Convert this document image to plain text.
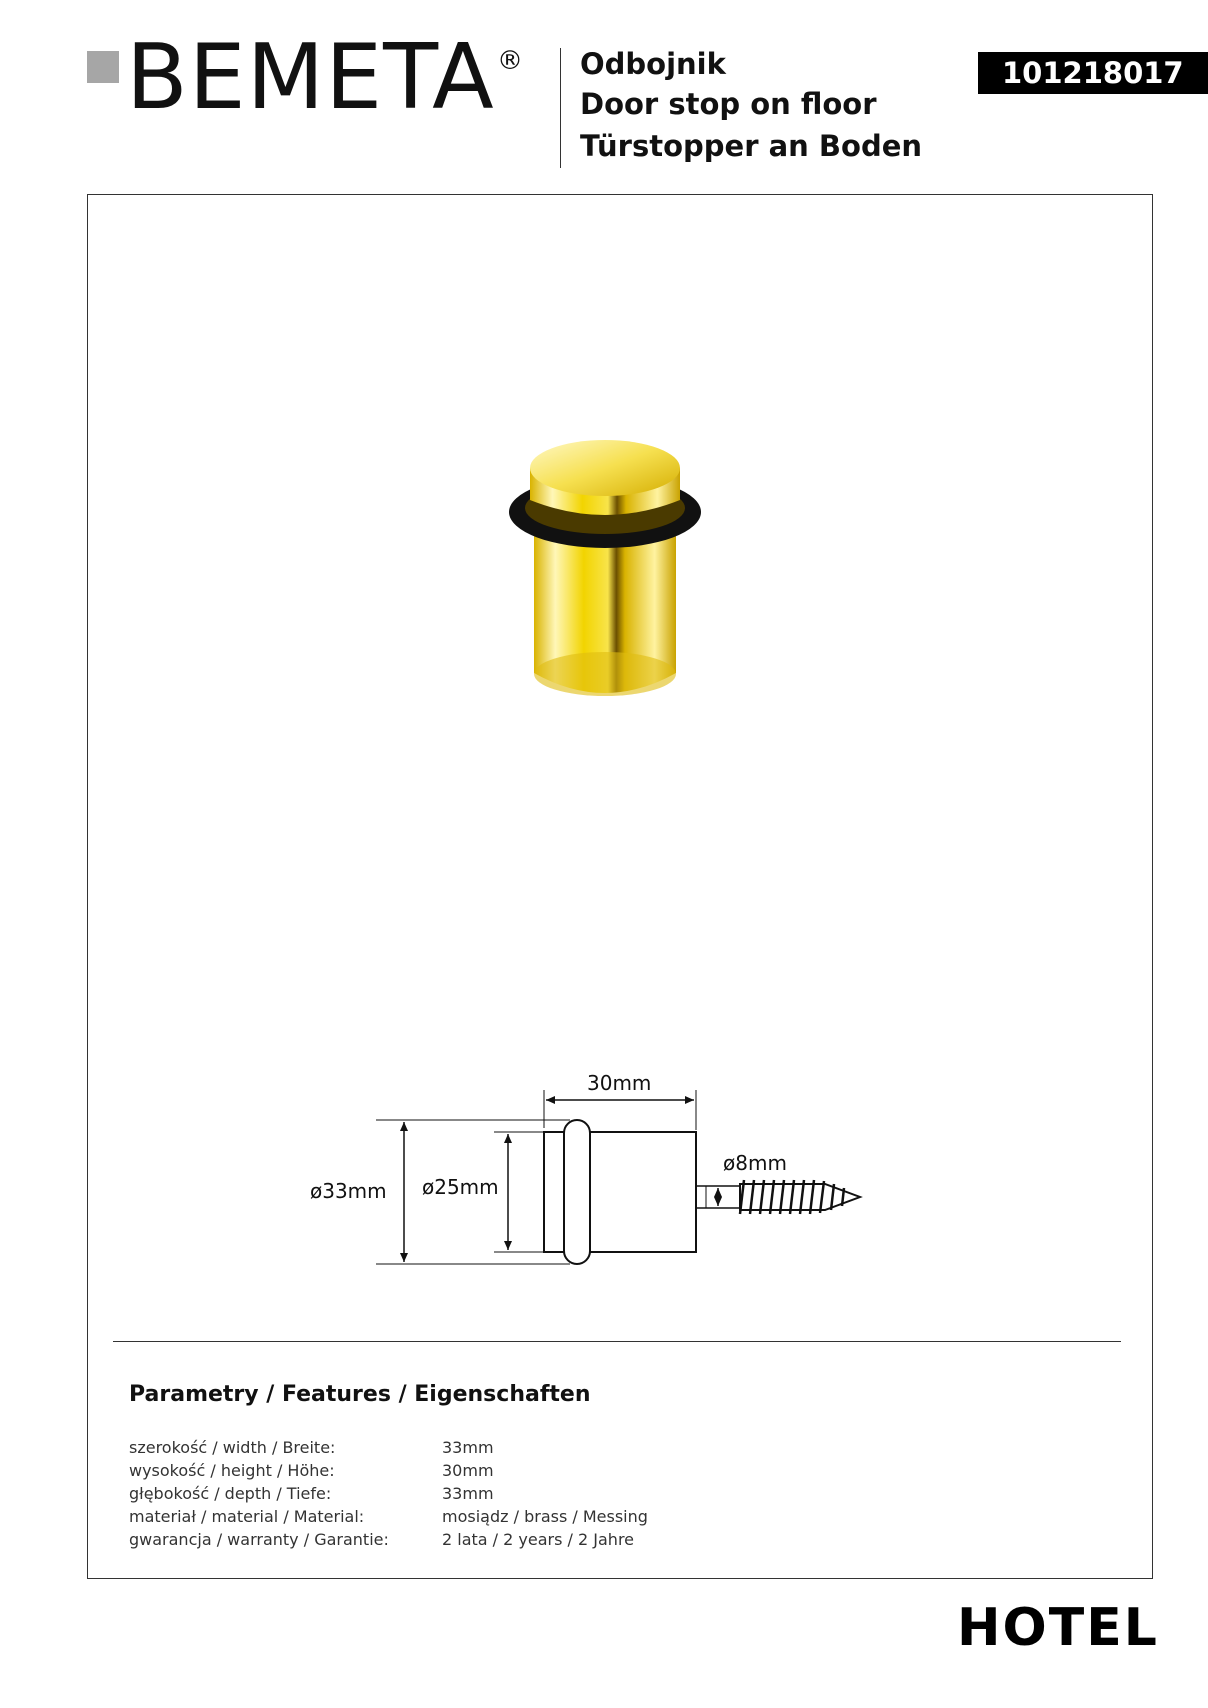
BEMETA ® Odbojnik
Door stop on floor
Türstopper an Boden
101218017
30mm
ø33mm ø25mm
ø8mm
Parametry / Features / Eigenschaften
szerokość / width / Breite:	33mm
wysokość / height / Höhe:	30mm
głębokość / depth / Tiefe:	33mm
materiał / material / Material:	mosiądz / brass / Messing
gwarancja / warranty / Garantie:	2 lata / 2 years / 2 Jahre
HOTEL
